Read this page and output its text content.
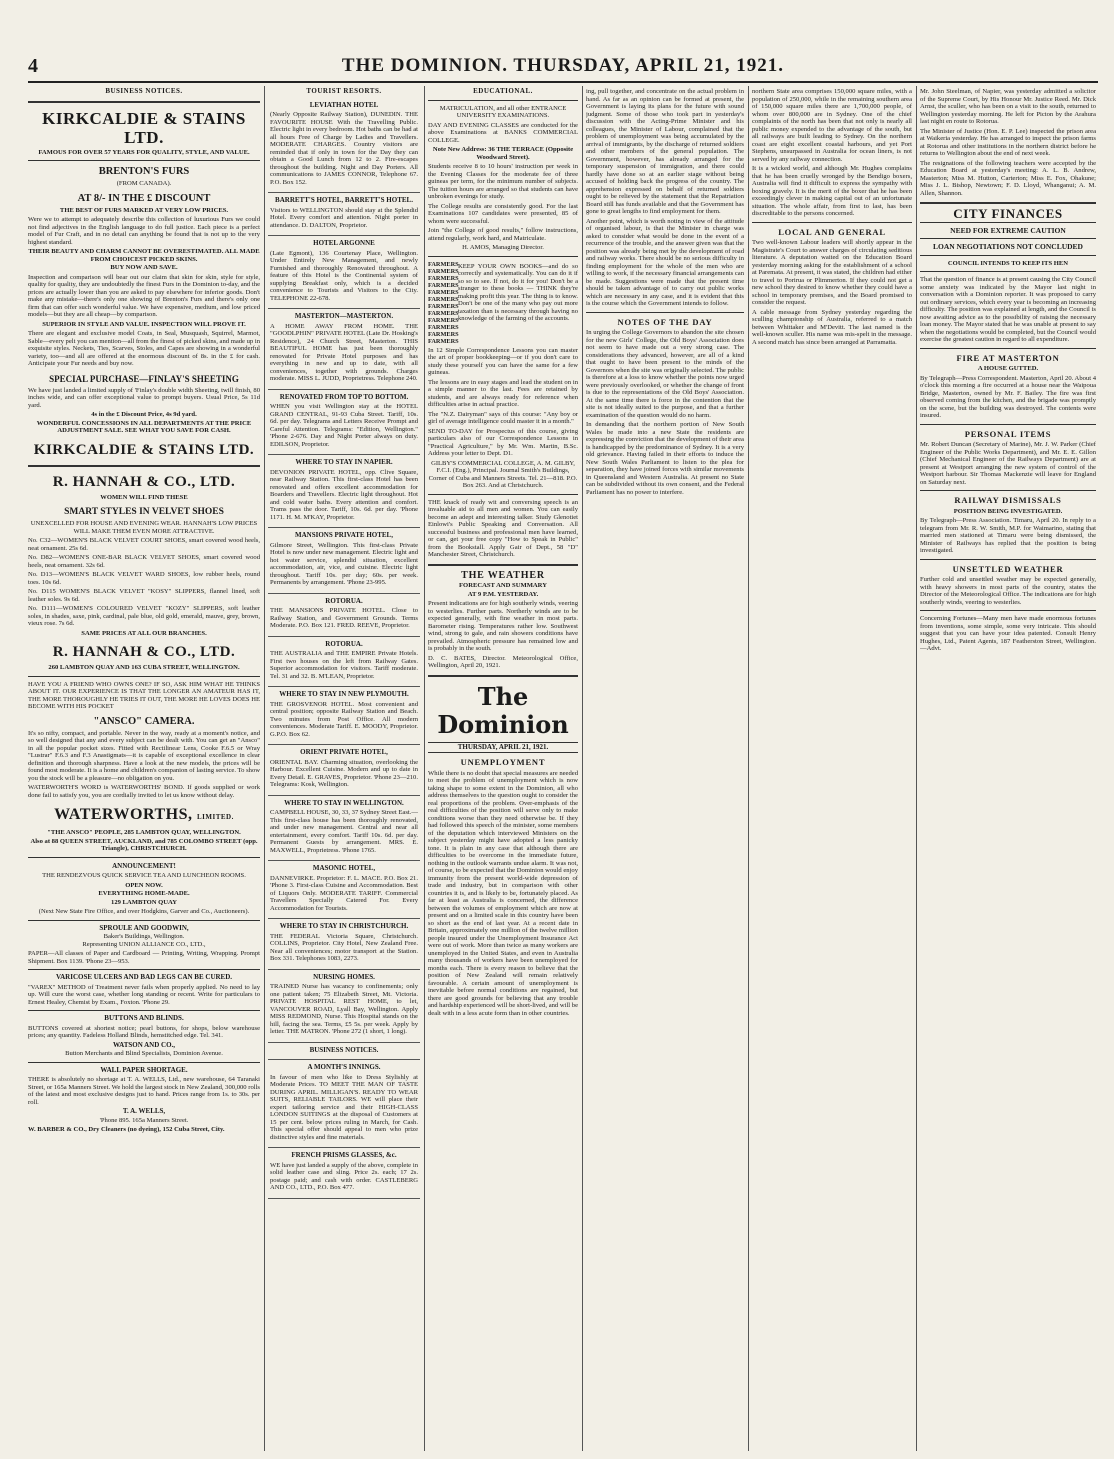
4	THE DOMINION. THURSDAY, APRIL 21, 1921.
BUSINESS NOTICES.
KIRKCALDIE & STAINS LTD.
FAMOUS FOR OVER 57 YEARS FOR QUALITY, STYLE, AND VALUE.
BRENTON'S FURS
(FROM CANADA).
AT 8/- IN THE £ DISCOUNT
THE BEST OF FURS MARKED AT VERY LOW PRICES.
Were we to attempt to adequately describe this collection of luxurious Furs we could not find adjectives in the English language to do full justice. Each piece is a perfect model of Fur Craft, and in no detail can anything be found that is not up to the very highest standard.
THEIR BEAUTY AND CHARM CANNOT BE OVERESTIMATED. ALL MADE FROM CHOICEST PICKED SKINS.
BUY NOW AND SAVE.
Inspection and comparison will bear out our claim that skin for skin, style for style, quality for quality, they are undoubtedly the finest Furs in the Dominion to-day, and the prices are actually lower than you are asked to pay elsewhere for inferior goods. Don't make any mistake—there's only one showing of Brenton's Furs and there's only one firm that can offer such wonderful value. We have expensive, medium, and low priced models—but they are all cheap—by comparison.
SUPERIOR IN STYLE AND VALUE. INSPECTION WILL PROVE IT.
There are elegant and exclusive model Coats, in Seal, Musquash, Squirrel, Marmot, Sable—every pelt you can mention—all from the finest of picked skins, and made up in exquisite styles. Neckets, Ties, Scarves, Stoles, and Capes are showing in a wonderful variety, too—and all are offered at the enormous discount of 8s. in the £ for cash. Anticipate your Fur needs and buy now.
SPECIAL PURCHASE—FINLAY'S SHEETING
We have just landed a limited supply of 'Finlay's double width Sheeting, twill finish, 80 inches wide, and can offer exceptional value to prompt buyers. Usual Price, 5s 11d yard.
4s in the £ Discount Price, 4s 9d yard.
WONDERFUL CONCESSIONS IN ALL DEPARTMENTS AT THE PRICE ADJUSTMENT SALE. SEE WHAT YOU SAVE FOR CASH.
KIRKCALDIE & STAINS LTD.
R. HANNAH & CO., LTD.
WOMEN WILL FIND THESE
SMART STYLES IN VELVET SHOES
UNEXCELLED FOR HOUSE AND EVENING WEAR. HANNAH'S LOW PRICES WILL MAKE THEM EVEN MORE ATTRACTIVE.
No. C32—WOMEN'S BLACK VELVET COURT SHOES, smart covered wood heels, neat ornament. 25s 6d.
No. D82—WOMEN'S ONE-BAR BLACK VELVET SHOES, smart covered wood heels, neat ornament. 32s 6d.
No. D13—WOMEN'S BLACK VELVET WARD SHOES, low rubber heels, round toes. 10s 6d.
No. D115 WOMEN'S BLACK VELVET "KOSY" SLIPPERS, flannel lined, soft leather soles. 9s 6d.
No. D111—WOMEN'S COLOURED VELVET "KOZY" SLIPPERS, soft leather soles, in shades, saxe, pink, cardinal, pale blue, old gold, emerald, mauve, grey, brown, vieux rose. 7s 6d.
SAME PRICES AT ALL OUR BRANCHES.
R. HANNAH & CO., LTD.
260 LAMBTON QUAY AND 163 CUBA STREET, WELLINGTON.
HAVE YOU A FRIEND WHO OWNS ONE? IF SO, ASK HIM WHAT HE THINKS ABOUT IT. OUR EXPERIENCE IS THAT THE LONGER AN AMATEUR HAS IT, THE MORE THOROUGHLY HE TRIES IT OUT, THE MORE HE LOVES DOES HE BECOME WITH HIS POCKET
"ANSCO" CAMERA.
It's so nifty, compact, and portable. Never in the way, ready at a moment's notice, and so well designed that any and every subject can be dealt with. You can get an "Ansco" in all the popular pocket sizes. Fitted with Rectilinear Lens, Cooke F.6.5 or Wray "Lustrar" F.6.3 and F.3 Anastigmats—it is capable of exceptional excellence in clear definition and thorough sharpness. Have a look at the new models, the prices will be found most moderate. It is a home and children's companion of lasting service. To show you the stock will be a pleasure—no obligation on you.
WATERWORTH'S WORD is WATERWORTHS' BOND. If goods supplied or work done fail to satisfy you, you are cordially invited to let us know without delay.
WATERWORTHS, LIMITED.
"THE ANSCO" PEOPLE, 285 LAMBTON QUAY, WELLINGTON.
Also at 88 QUEEN STREET, AUCKLAND, and 785 COLOMBO STREET (opp. Triangle), CHRISTCHURCH.
ANNOUNCEMENT!
THE RENDEZVOUS QUICK SERVICE TEA AND LUNCHEON ROOMS.
OPEN NOW.
EVERYTHING HOME-MADE.
129 LAMBTON QUAY
(Next New State Fire Office, and over Hodgkins, Garver and Co., Auctioneers).
SPROULE AND GOODWIN,
Baker's Buildings, Wellington.
Representing UNION ALLIANCE CO., LTD.,
PAPER—All classes of Paper and Cardboard — Printing, Writing, Wrapping. Prompt Shipment. Box 1139. 'Phone 23—953.
VARICOSE ULCERS AND BAD LEGS CAN BE CURED.
"VAREX" METHOD of Treatment never fails when properly applied. No need to lay up. Will cure the worst case, whether long standing or recent. Write for particulars to Ernest Healey, Chemist by Exam., Foxton. 'Phone 29.
BUTTONS AND BLINDS.
BUTTONS covered at shortest notice; pearl buttons, for shops, below warehouse prices; any quantity. Fadeless Holland Blinds, hemstitched edge. Tel. 341.
WATSON AND CO.,
Button Merchants and Blind Specialists, Dominion Avenue.
WALL PAPER SHORTAGE.
THERE is absolutely no shortage at T. A. WELLS, Ltd., new warehouse, 64 Taranaki Street, or 165a Manners Street. We hold the largest stock in New Zealand, 300,000 rolls of the latest and most exclusive designs just to hand. Prices range from 1s. to 30s. per roll.
T. A. WELLS,
'Phone 895. 165a Manners Street.
W. BARBER & CO., Dry Cleaners (no dyeing), 152 Cuba Street, City.
TOURIST RESORTS.
LEVIATHAN HOTEL
(Nearly Opposite Railway Station), DUNEDIN. THE FAVOURITE HOUSE With the Travelling Public. Electric light in every bedroom. Hot baths can be had at all hours Free of Charge by Ladies and Travellers. MODERATE CHARGES. Country visitors are reminded that if only in town for the Day they can obtain a Good Lunch from 12 to 2. Fire-escapes throughout the building. Night and Day Porters. All communications to JAMES CONNOR, Telephone 67. P.O. Box 152.
BARRETT'S HOTEL, BARRETT'S HOTEL.
Visitors to WELLINGTON should stay at the Splendid Hotel. Every comfort and attention. Night porter in attendance. D. DALTON, Proprietor.
HOTEL ARGONNE
(Late Egmont), 136 Courtenay Place, Wellington. Under Entirely New Management, and newly Furnished and thoroughly Renovated throughout. A feature of this Hotel is the Continental system of supplying Breakfast only, which is a decided convenience to Tourists and Visitors to the City. TELEPHONE 22-678.
MASTERTON—MASTERTON.
A HOME AWAY FROM HOME. THE "GOODLPHIN" PRIVATE HOTEL (Late Dr. Hosking's Residence), 24 Church Street, Masterton. THIS BEAUTIFUL HOME has just been thoroughly renovated for Private Hotel purposes and has everything in new and up to date, with all conveniences, together with grounds. Charges moderate. MISS L. JUDD, Proprietress. Telephone 240.
RENOVATED FROM TOP TO BOTTOM.
WHEN you visit Wellington stay at the HOTEL GRAND CENTRAL, 91-93 Cuba Street. Tariff, 10s. 6d. per day. Telegrams and Letters Receive Prompt and Careful Attention. Telegrams: "Edition, Wellington." 'Phone 2-676. Day and Night Porter always on duty. EDILSON, Proprietor.
WHERE TO STAY IN NAPIER.
DEVONION PRIVATE HOTEL, opp. Clive Square, near Railway Station. This first-class Hotel has been renovated and offers excellent accommodation for Boarders and Travellers. Electric light throughout. Hot and cold water baths. Every attention and comfort. Trams pass the door. Tariff, 10s. 6d. per day. 'Phone 1171. H. M. M'KAY, Proprietor.
MANSIONS PRIVATE HOTEL,
Gilmore Street, Wellington. This first-class Private Hotel is now under new management. Electric light and hot water service, splendid situation, excellent accommodation, air, vice, and cuisine. Electric light throughout. Tariff 10s. per day; 60s. per week. Permanents by arrangement. 'Phone 23-995.
ROTORUA.
THE MANSIONS PRIVATE HOTEL. Close to Railway Station, and Government Grounds. Terms Moderate. P.O. Box 121. FRED. REEVE, Proprietor.
ROTORUA.
THE AUSTRALIA and THE EMPIRE Private Hotels. First two houses on the left from Railway Gates. Superior accommodation for visitors. Tariff moderate. Tel. 31 and 32. B. M'LEAN, Proprietor.
WHERE TO STAY IN NEW PLYMOUTH.
THE GROSVENOR HOTEL. Most convenient and central position; opposite Railway Station and Beach. Two minutes from Post Office. All modern conveniences. Moderate Tariff. E. MOODY, Proprietor. G.P.O. Box 62.
ORIENT PRIVATE HOTEL,
ORIENTAL BAY. Charming situation, overlooking the Harbour. Excellent Cuisine. Modern and up to date in Every Detail. E. GRAVES, Proprietor. 'Phone 23—210. Telegrams: Kosk, Wellington.
WHERE TO STAY IN WELLINGTON.
CAMPBELL HOUSE, 30, 33, 37 Sydney Street East.—This first-class house has been thoroughly renovated, and under new management. Central and near all entertainment, every comfort. Tariff 10s. 6d. per day. Permanent Guests by arrangement. MRS. E. MAXWELL, Proprietress. 'Phone 1765.
MASONIC HOTEL,
DANNEVIRKE. Proprietor: F. L. MACE. P.O. Box 21. 'Phone 3. First-class Cuisine and Accommodation. Best of Liquors Only. MODERATE TARIFF. Commercial Travellers Specially Catered For. Every Accommodation for Tourists.
WHERE TO STAY IN CHRISTCHURCH.
THE FEDERAL Victoria Square, Christchurch. COLLINS, Proprietor. City Hotel, New Zealand Free. Near all conveniences; motor transport at the Station. Box 331. Telephones 1083, 2273.
NURSING HOMES.
TRAINED Nurse has vacancy to confinements; only one patient taken; 75 Elizabeth Street, Mt. Victoria. PRIVATE HOSPITAL REST HOME, to let, VANCOUVER ROAD, Lyall Bay, Wellington. Apply MISS REDMOND, Nurse. This Hospital stands on the hill, facing the sea. Terms, £5 5s. per week. Apply by letter. THE MATRON. 'Phone 272 (1 short, 1 long).
BUSINESS NOTICES.
A MONTH'S INNINGS.
In favour of men who like to Dress Stylishly at Moderate Prices. TO MEET THE MAN OF TASTE DURING APRIL. MILLIGAN'S. READY TO WEAR SUITS, RELIABLE TAILORS. WE will place their expert tailoring service and their HIGH-CLASS LONDON SUITINGS at the disposal of Customers at 15 per cent. below prices ruling in March, for Cash. This special offer should appeal to men who prize distinctive styles and fine materials.
FRENCH PRISMS GLASSES, &c.
WE have just landed a supply of the above, complete in solid leather case and sling. Price 2s. each; 17 2s. postage paid; and cash with order. CASTLEBERG AND CO., LTD., P.O. Box 477.
EDUCATIONAL.
MATRICULATION, and all other ENTRANCE UNIVERSITY EXAMINATIONS.
DAY AND EVENING CLASSES are conducted for the above Examinations at BANKS COMMERCIAL COLLEGE.
Note New Address: 36 THE TERRACE (Opposite Woodward Street).
Students receive 8 to 10 hours' instruction per week in the Evening Classes for the moderate fee of three guineas per term, for the minimum number of subjects. The tuition hours are arranged so that students can have unbroken evenings for study.
The College results are consistently good. For the last Examinations 107 candidates were presented, 85 of whom were successful.
Join "the College of good results," follow instructions, attend regularly, work hard, and Matriculate.
H. AMOS, Managing Director.
FARMERS
FARMERS
FARMERS
FARMERS
FARMERS
FARMERS
FARMERS
FARMERS
FARMERS
FARMERS
FARMERS
FARMERS
KEEP YOUR OWN BOOKS—and do so correctly and systematically. You can do it if so so to see. If not, do it for you! Don't be a stranger to these books — THINK they're making profit this year. The thing is to know. Don't be one of the many who pay out more taxation than is necessary through having no knowledge of the farming of the accounts.
In 12 Simple Correspondence Lessons you can master the art of proper bookkeeping—or if you don't care to study these yourself you can have the same for a few guineas.
The lessons are in easy stages and lead the student on in a simple manner to the last. Fees are retained by students, and are always ready for reference when difficulties arise in actual practice.
The "N.Z. Dairyman" says of this course: "Any boy or girl of average intelligence could master it in a month."
SEND TO-DAY for Prospectus of this course, giving particulars also of our Correspondence Lessons in "Practical Agriculture," by Mr. Wm. Martin, B.Sc. Address your letter to Dept. D1.
GILBY'S COMMERCIAL COLLEGE, A. M. GILBY, F.C.I. (Eng.), Principal. Journal Smith's Buildings, Corner of Cuba and Manners Streets. Tel. 21—818. P.O. Box 263. And at Christchurch.
THE knack of ready wit and conversing speech is an invaluable aid to all men and women. You can easily become an adept and interesting talker. Study Glenotiet Einlowi's Public Speaking and Conversation. All successful business and professional men have learned, or can, get your free copy "How to Speak in Public" from the Bookstall. Apply Gair of Dept., 58 "D" Manchester Street, Christchurch.
THE WEATHER
FORECAST AND SUMMARY
AT 9 P.M. YESTERDAY.
Present indications are for high southerly winds, veering to westerlies. Further parts. Northerly winds are to be expected generally, with fine weather in most parts. Barometer rising. Temperatures rather low. Southwest wind, strong to gale, and rain showers conditions have prevailed. Atmospheric pressure has remained low and is probably in the south.
D. C. BATES, Director. Meteorological Office, Wellington, April 20, 1921.
The Dominion
THURSDAY, APRIL 21, 1921.
UNEMPLOYMENT
While there is no doubt that special measures are needed to meet the problem of unemployment which is now taking shape to some extent in the Dominion, all who address themselves to the question ought to consider the real proportions of the problem. Over-emphasis of the real difficulties of the position will serve only to make conditions worse than they need otherwise be. If they had followed this speech of the minister, some members of the deputation which interviewed Ministers on the subject yesterday might have adopted a less panicky tone. It is plain in any case that although there are difficulties to be overcome in the immediate future, nothing in the outlook warrants undue alarm. It was not, of course, to be expected that the Dominion would enjoy immunity from the present world-wide depression of trade and industry, but in comparison with other countries it is, and is likely to be, fortunately placed. As far at least as Australia is concerned, the difference between the volumes of employment which are now at present and on a limited scale in this country have been so short as the end of last year. At a recent date in Britain, approximately one million of the twelve million people insured under the Unemployment Insurance Act were out of work. More than twice as many workers are unemployed in the United States, and even in Australia many thousands of workers have been unemployed for months each. There is every reason to believe that the position of New Zealand will remain relatively favourable. A certain amount of unemployment is inevitable before normal conditions are regained, but there are good grounds for believing that any trouble and hardship experienced will be short-lived, and will be dealt with in a less acute form than in other countries.
ing, pull together, and concentrate on the actual problem in hand. As far as an opinion can be formed at present, the Government is laying its plans for the future with sound judgment. Some of those who took part in yesterday's discussion with the Acting-Prime Minister and his colleagues, the Minister of Labour, complained that the problem of unemployment was being accumulated by the arrival of immigrants, by the discharge of returned soldiers and other members of the general population. The Government, however, has already arranged for the temporary suspension of immigration, and there could hardly have done so at an earlier stage without being accused of holding back the progress of the country. The apprehension expressed on behalf of returned soldiers ought to be relieved by the statement that the Repatriation Board still has funds available and that the Government has gone to great lengths to find employment for them.
Another point, which is worth noting in view of the attitude of organised labour, is that the Minister in charge was asked to consider what would be done in the event of a recurrence of the trouble, and the answer given was that the position was already being met by the development of road and railway works. There should be no serious difficulty in finding employment for the whole of the men who are willing to work, if the necessary financial arrangements can be made. Suggestions were made that the present time should be taken advantage of to carry out public works which are necessary in any case, and it is evident that this is the course which the Government intends to follow.
NOTES OF THE DAY
In urging the College Governors to abandon the site chosen for the new Girls' College, the Old Boys' Association does not seem to have made out a very strong case. The considerations they advanced, however, are all of a kind that ought to have been present to the minds of the Governors when the site was originally selected. The public is therefore at a loss to know whether the points now urged were previously overlooked, or whether the change of front is due to the representations of the Old Boys' Association. At the same time there is force in the contention that the site is not ideally suited to the purpose, and that a further examination of the question would do no harm.
In demanding that the northern portion of New South Wales be made into a new State the residents are expressing the conviction that the development of their area is handicapped by the predominance of Sydney. It is a very old grievance. Having failed in their efforts to induce the New South Wales Parliament to listen to the plea for separation, they have joined forces with similar movements in Queensland and Western Australia. At present no State can be subdivided without its own consent, and the Federal Parliament has no power to interfere.
northern State area comprises 150,000 square miles, with a population of 250,000, while in the remaining southern area of 150,000 square miles there are 1,700,000 people, of whom over 800,000 are in Sydney. One of the chief complaints of the north has been that not only is nearly all public money expended to the advantage of the south, but all railways are built leading to Sydney. On the northern coast are eight excellent coastal harbours, and yet Port Stephens, unsurpassed in Australia for ocean liners, is not served by any railway connection.
It is a wicked world, and although Mr. Hughes complains that he has been cruelly wronged by the Bendigo boxers, Australia will find it difficult to express the sympathy with boxing gravely. It is the merit of the boxer that he has been exceedingly clever in making capital out of an unfortunate situation. The whole affair, from first to last, has been discreditable to the persons concerned.
LOCAL AND GENERAL
Two well-known Labour leaders will shortly appear in the Magistrate's Court to answer charges of circulating seditious literature. A deputation waited on the Education Board yesterday morning asking for the establishment of a school at Paremata. At present, it was stated, the children had either to travel to Porirua or Plimmerton. If they could not get a new school they desired to know whether they could have a school in temporary premises, and the Board promised to consider the request.
A cable message from Sydney yesterday regarding the sculling championship of Australia, referred to a match between Whittaker and M'Devitt. The last named is the well-known sculler. His name was mis-spelt in the message. A second match has since been arranged at Parramatta.
Mr. John Steelman, of Napier, was yesterday admitted a solicitor of the Supreme Court, by His Honour Mr. Justice Reed. Mr. Dick Arnst, the sculler, who has been on a visit to the south, returned to Wellington yesterday morning. He left for Picton by the Arahura last night en route to Rotorua.
The Minister of Justice (Hon. E. P. Lee) inspected the prison area at Waikeria yesterday. He has arranged to inspect the prison farms at Rotorua and other institutions in the northern district before he returns to Wellington about the end of next week.
The resignations of the following teachers were accepted by the Education Board at yesterday's meeting: A. L. B. Andrew, Masterton; Miss M. Hutton, Carterton; Miss E. Fox, Ohakune; Miss J. L. Bishop, Newtown; F. D. Lloyd, Whanganui; A. M. Allen, Shannon.
CITY FINANCES
NEED FOR EXTREME CAUTION
LOAN NEGOTIATIONS NOT CONCLUDED
COUNCIL INTENDS TO KEEP ITS HEN
That the question of finance is at present causing the City Council some anxiety was indicated by the Mayor last night in conversation with a Dominion reporter. It was proposed to carry out ordinary services, which every year is becoming an increasing difficulty. The position was explained at length, and the Council is now awaiting advice as to the possibility of raising the necessary loan money. The Mayor stated that he was unable at present to say when the negotiations would be completed, but the Council would exercise the greatest caution in regard to all expenditure.
FIRE AT MASTERTON
A HOUSE GUTTED.
By Telegraph—Press Correspondent. Masterton, April 20. About 4 o'clock this morning a fire occurred at a house near the Waipoua Bridge, Masterton, owned by Mr. F. Bailey. The fire was first observed coming from the kitchen, and the brigade was promptly on the scene, but the building was destroyed. The contents were insured.
PERSONAL ITEMS
Mr. Robert Duncan (Secretary of Marine), Mr. J. W. Parker (Chief Engineer of the Public Works Department), and Mr. E. E. Gillon (Chief Mechanical Engineer of the Railways Department) are at present at Westport arranging the new system of control of the Westport harbour. Sir Thomas Mackenzie will leave for England on Saturday next.
RAILWAY DISMISSALS
POSITION BEING INVESTIGATED.
By Telegraph—Press Association. Timaru, April 20. In reply to a telegram from Mr. R. W. Smith, M.P. for Waimarino, stating that married men stationed at Timaru were being dismissed, the Minister of Railways has replied that the position is being investigated.
UNSETTLED WEATHER
Further cold and unsettled weather may be expected generally, with heavy showers in most parts of the country, states the Director of the Meteorological Office. The indications are for high southerly winds, veering to westerlies.
Concerning Fortunes—Many men have made enormous fortunes from inventions, some simple, some very intricate. This should suggest that you can have your idea patented. Consult Henry Hughes, Ltd., Patent Agents, 187 Featherston Street, Wellington.—Advt.
